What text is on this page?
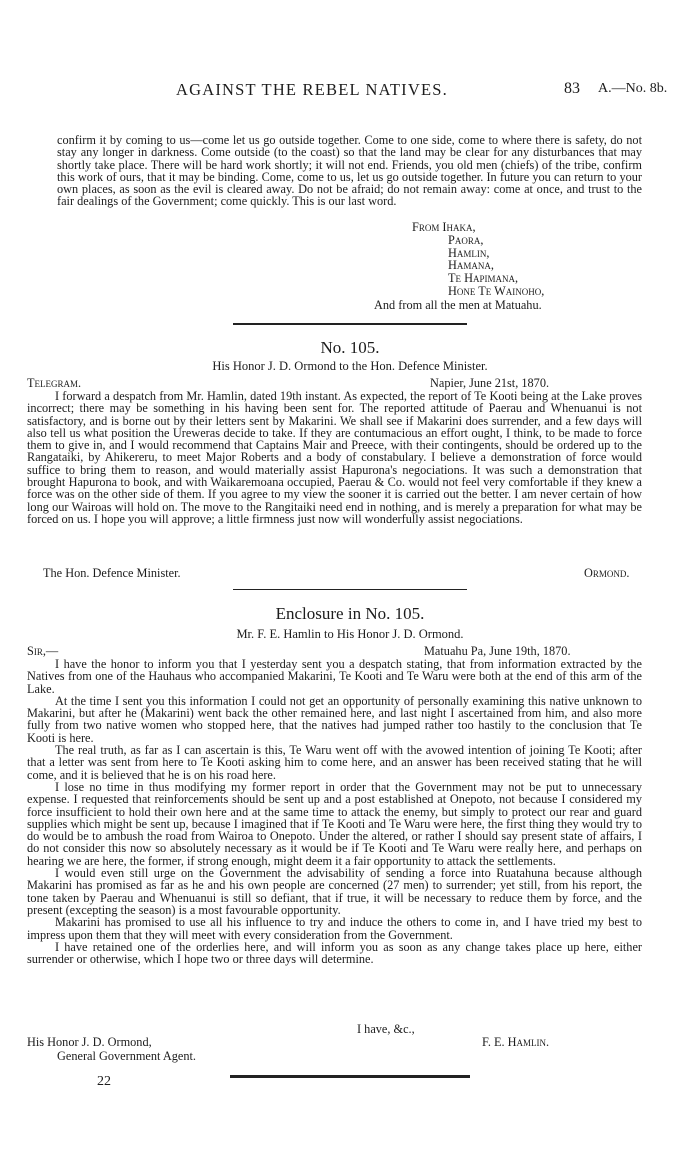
AGAINST THE REBEL NATIVES.	83 A.—No. 8b.

confirm it by coming to us—come let us go outside together. Come to one side, come to where there is safety, do not stay any longer in darkness. Come outside (to the coast) so that the land may be clear for any disturbances that may shortly take place. There will be hard work shortly; it will not end. Friends, you old men (chiefs) of the tribe, confirm this work of ours, that it may be binding. Come, come to us, let us go outside together. In future you can return to your own places, as soon as the evil is cleared away. Do not be afraid; do not remain away: come at once, and trust to the fair dealings of the Government; come quickly. This is our last word.

From Ihaka,
Paora,
Hamlin,
Hamana,
Te Hapimana,
Hone Te Wainoho,
And from all the men at Matuahu.
No. 105.
His Honor J. D. Ormond to the Hon. Defence Minister.
Telegram.	Napier, June 21st, 1870.

I forward a despatch from Mr. Hamlin, dated 19th instant. As expected, the report of Te Kooti being at the Lake proves incorrect; there may be something in his having been sent for. The reported attitude of Paerau and Whenuanui is not satisfactory, and is borne out by their letters sent by Makarini. We shall see if Makarini does surrender, and a few days will also tell us what position the Ureweras decide to take. If they are contumacious an effort ought, I think, to be made to force them to give in, and I would recommend that Captains Mair and Preece, with their contingents, should be ordered up to the Rangataiki, by Ahikereru, to meet Major Roberts and a body of constabulary. I believe a demonstration of force would suffice to bring them to reason, and would materially assist Hapurona's negociations. It was such a demonstration that brought Hapurona to book, and with Waikaremoana occupied, Paerau & Co. would not feel very comfortable if they knew a force was on the other side of them. If you agree to my view the sooner it is carried out the better. I am never certain of how long our Wairoas will hold on. The move to the Rangitaiki need end in nothing, and is merely a preparation for what may be forced on us. I hope you will approve; a little firmness just now will wonderfully assist negociations.

The Hon. Defence Minister.	Ormond.
Enclosure in No. 105.
Mr. F. E. Hamlin to His Honor J. D. Ormond.
Sir,—	Matuahu Pa, June 19th, 1870.

I have the honor to inform you that I yesterday sent you a despatch stating, that from information extracted by the Natives from one of the Hauhaus who accompanied Makarini, Te Kooti and Te Waru were both at the end of this arm of the Lake.

At the time I sent you this information I could not get an opportunity of personally examining this native unknown to Makarini, but after he (Makarini) went back the other remained here, and last night I ascertained from him, and also more fully from two native women who stopped here, that the natives had jumped rather too hastily to the conclusion that Te Kooti is here.

The real truth, as far as I can ascertain is this, Te Waru went off with the avowed intention of joining Te Kooti; after that a letter was sent from here to Te Kooti asking him to come here, and an answer has been received stating that he will come, and it is believed that he is on his road here.

I lose no time in thus modifying my former report in order that the Government may not be put to unnecessary expense. I requested that reinforcements should be sent up and a post established at Onepoto, not because I considered my force insufficient to hold their own here and at the same time to attack the enemy, but simply to protect our rear and guard supplies which might be sent up, because I imagined that if Te Kooti and Te Waru were here, the first thing they would try to do would be to ambush the road from Wairoa to Onepoto. Under the altered, or rather I should say present state of affairs, I do not consider this now so absolutely necessary as it would be if Te Kooti and Te Waru were really here, and perhaps on hearing we are here, the former, if strong enough, might deem it a fair opportunity to attack the settlements.

I would even still urge on the Government the advisability of sending a force into Ruatahuna because although Makarini has promised as far as he and his own people are concerned (27 men) to surrender; yet still, from his report, the tone taken by Paerau and Whenuanui is still so defiant, that if true, it will be necessary to reduce them by force, and the present (excepting the season) is a most favourable opportunity.

Makarini has promised to use all his influence to try and induce the others to come in, and I have tried my best to impress upon them that they will meet with every consideration from the Government.

I have retained one of the orderlies here, and will inform you as soon as any change takes place up here, either surrender or otherwise, which I hope two or three days will determine.

I have, &c.,
His Honor J. D. Ormond,	F. E. Hamlin.
General Government Agent.
22
